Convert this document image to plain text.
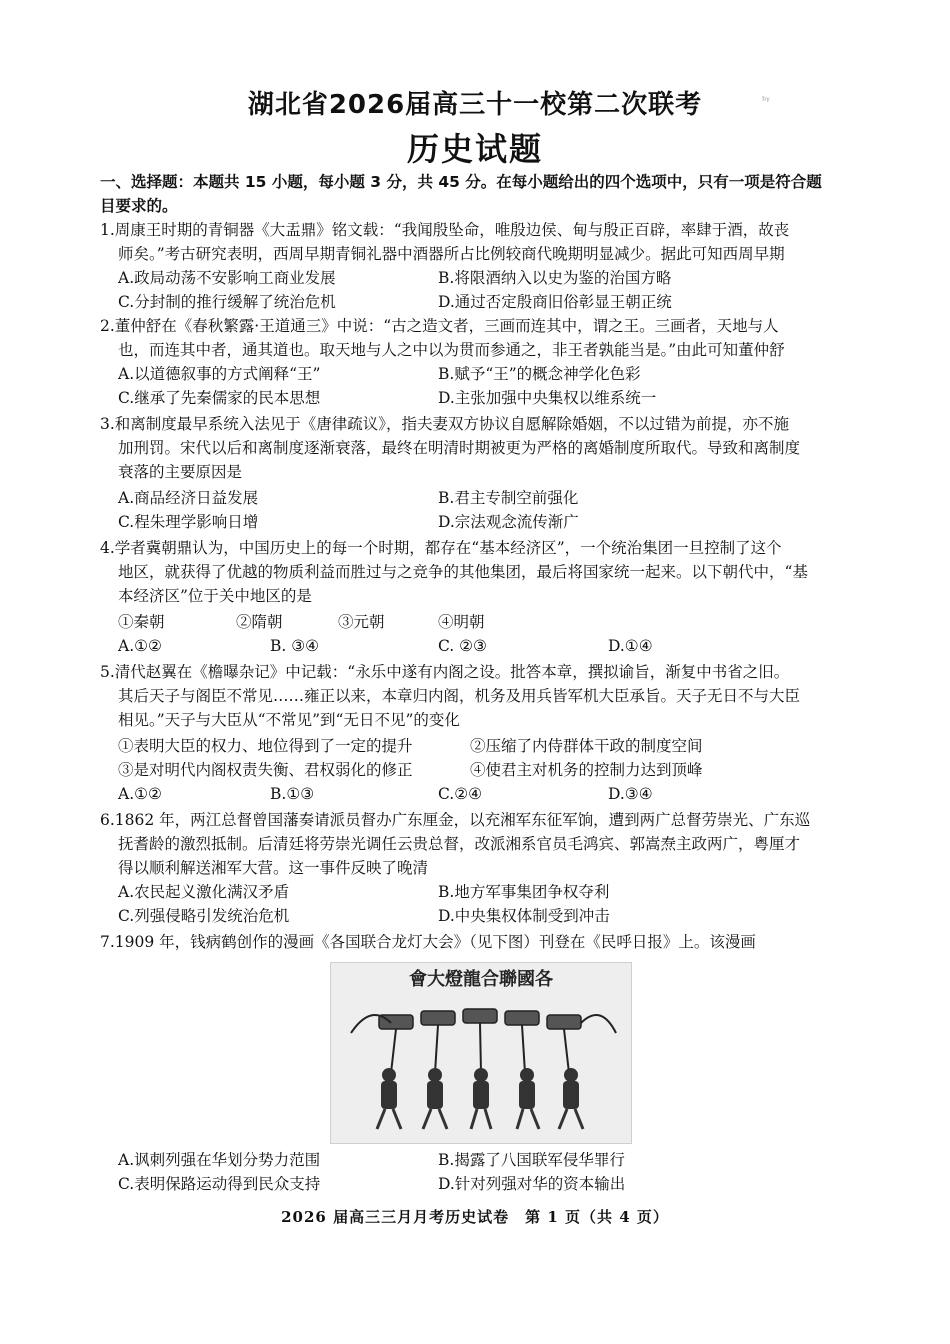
湖北省2026届高三十一校第二次联考	ᵇᵞ
历史试题
一、选择题：本题共 15 小题，每小题 3 分，共 45 分。在每小题给出的四个选项中，只有一项是符合题
目要求的。
1.周康王时期的青铜器《大盂鼎》铭文载：“我闻殷坠命，唯殷边侯、甸与殷正百辟，率肆于酒，故丧
师矣。”考古研究表明，西周早期青铜礼器中酒器所占比例较商代晚期明显减少。据此可知西周早期
A.政局动荡不安影响工商业发展	B.将限酒纳入以史为鉴的治国方略
C.分封制的推行缓解了统治危机	D.通过否定殷商旧俗彰显王朝正统
2.董仲舒在《春秋繁露·王道通三》中说：“古之造文者，三画而连其中，谓之王。三画者，天地与人
也，而连其中者，通其道也。取天地与人之中以为贯而参通之，非王者孰能当是。”由此可知董仲舒
A.以道德叙事的方式阐释“王”	B.赋予“王”的概念神学化色彩
C.继承了先秦儒家的民本思想	D.主张加强中央集权以维系统一
3.和离制度最早系统入法见于《唐律疏议》，指夫妻双方协议自愿解除婚姻，不以过错为前提，亦不施
加刑罚。宋代以后和离制度逐渐衰落，最终在明清时期被更为严格的离婚制度所取代。导致和离制度
衰落的主要原因是
A.商品经济日益发展	B.君主专制空前强化
C.程朱理学影响日增	D.宗法观念流传渐广
4.学者冀朝鼎认为，中国历史上的每一个时期，都存在“基本经济区”，一个统治集团一旦控制了这个
地区，就获得了优越的物质利益而胜过与之竞争的其他集团，最后将国家统一起来。以下朝代中，“基
本经济区”位于关中地区的是
①秦朝	②隋朝	③元朝	④明朝
A.①②	B. ③④	C. ②③	D.①④
5.清代赵翼在《檐曝杂记》中记载：“永乐中遂有内阁之设。批答本章，撰拟谕旨，渐复中书省之旧。
其后天子与阁臣不常见……雍正以来，本章归内阁，机务及用兵皆军机大臣承旨。天子无日不与大臣
相见。”天子与大臣从“不常见”到“无日不见”的变化
①表明大臣的权力、地位得到了一定的提升	②压缩了内侍群体干政的制度空间
③是对明代内阁权责失衡、君权弱化的修正	④使君主对机务的控制力达到顶峰
A.①②	B.①③	C.②④	D.③④
6.1862 年，两江总督曾国藩奏请派员督办广东厘金，以充湘军东征军饷，遭到两广总督劳崇光、广东巡
抚耆龄的激烈抵制。后清廷将劳崇光调任云贵总督，改派湘系官员毛鸿宾、郭嵩焘主政两广，粤厘才
得以顺利解送湘军大营。这一事件反映了晚清
A.农民起义激化满汉矛盾	B.地方军事集团争权夺利
C.列强侵略引发统治危机	D.中央集权体制受到冲击
7.1909 年，钱病鹤创作的漫画《各国联合龙灯大会》（见下图）刊登在《民呼日报》上。该漫画
會大燈龍合聯國各
A.讽刺列强在华划分势力范围	B.揭露了八国联军侵华罪行
C.表明保路运动得到民众支持	D.针对列强对华的资本输出
2026 届高三三月月考历史试卷　第 1 页（共 4 页）
